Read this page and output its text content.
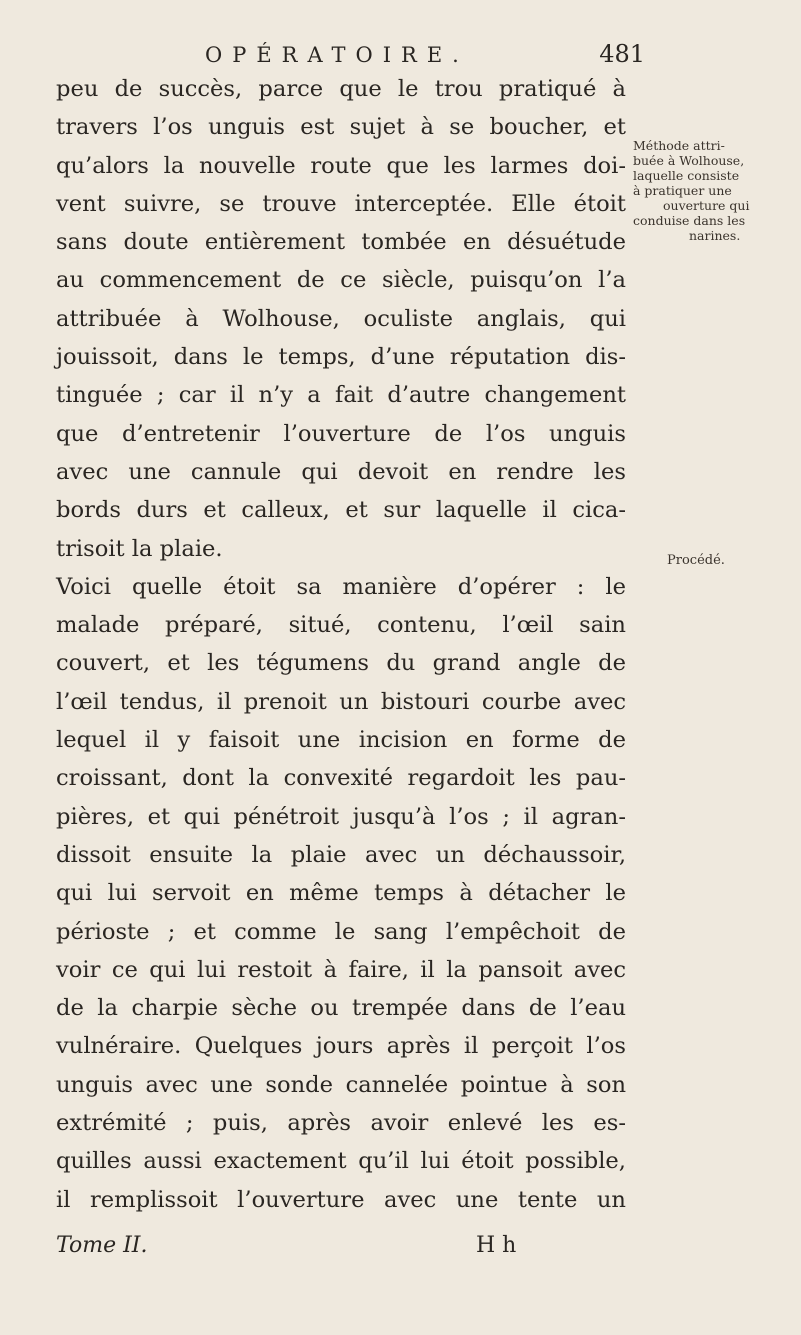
OPÉRATOIRE.	481
peu de succès, parce que le trou pratiqué à
travers l’os unguis est sujet à se boucher, et
qu’alors la nouvelle route que les larmes doi-
vent suivre, se trouve interceptée. Elle étoit
sans doute entièrement tombée en désuétude
au commencement de ce siècle, puisqu’on l’a
attribuée à Wolhouse, oculiste anglais, qui
jouissoit, dans le temps, d’une réputation dis-
tinguée ; car il n’y a fait d’autre changement
que d’entretenir l’ouverture de l’os unguis
avec une cannule qui devoit en rendre les
bords durs et calleux, et sur laquelle il cica-
trisoit la plaie.
Voici quelle étoit sa manière d’opérer : le
malade préparé, situé, contenu, l’œil sain
couvert, et les tégumens du grand angle de
l’œil tendus, il prenoit un bistouri courbe avec
lequel il y faisoit une incision en forme de
croissant, dont la convexité regardoit les pau-
pières, et qui pénétroit jusqu’à l’os ; il agran-
dissoit ensuite la plaie avec un déchaussoir,
qui lui servoit en même temps à détacher le
périoste ; et comme le sang l’empêchoit de
voir ce qui lui restoit à faire, il la pansoit avec
de la charpie sèche ou trempée dans de l’eau
vulnéraire. Quelques jours après il perçoit l’os
unguis avec une sonde cannelée pointue à son
extrémité ; puis, après avoir enlevé les es-
quilles aussi exactement qu’il lui étoit possible,
il remplissoit l’ouverture avec une tente un
Tome II.	H h
Méthode attri-
buée à Wolhouse,
laquelle consiste
à pratiquer une
ouverture qui
conduise dans les
narines.
Procédé.
